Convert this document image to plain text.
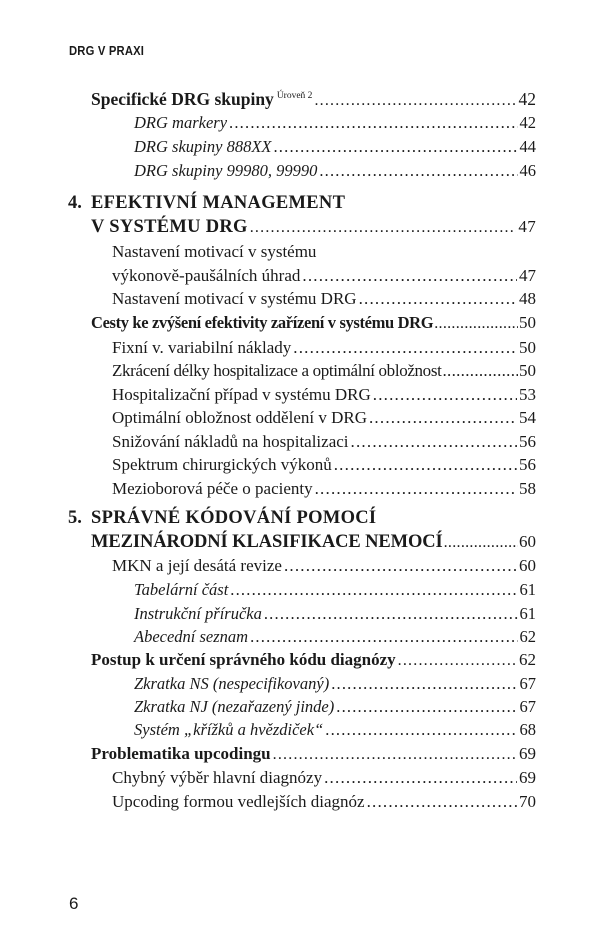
DRG V PRAXI
Specifické DRG skupiny $^{Úroveň 2}$ .....	42
DRG markery .....	42
DRG skupiny 888XX .....	44
DRG skupiny 99980, 99990 .....	46
4. EFEKTIVNÍ MANAGEMENT
V SYSTÉMU DRG .....	47
Nastavení motivací v systému
výkonově-paušálních úhrad .....	47
Nastavení motivací v systému DRG .....	48
Cesty ke zvýšení efektivity zařízení v systému DRG .....	50
Fixní v. variabilní náklady .....	50
Zkrácení délky hospitalizace a optimální obložnost .....	50
Hospitalizační případ v systému DRG .....	53
Optimální obložnost oddělení v DRG .....	54
Snižování nákladů na hospitalizaci .....	56
Spektrum chirurgických výkonů .....	56
Mezioborová péče o pacienty .....	58
5. SPRÁVNÉ KÓDOVÁNÍ POMOCÍ
MEZINÁRODNÍ KLASIFIKACE NEMOCÍ .....	60
MKN a její desátá revize .....	60
Tabelární část .....	61
Instrukční příručka .....	61
Abecední seznam .....	62
Postup k určení správného kódu diagnózy .....	62
Zkratka NS (nespecifikovaný) .....	67
Zkratka NJ (nezařazený jinde) .....	67
Systém „křížků a hvězdiček“ .....	68
Problematika upcodingu .....	69
Chybný výběr hlavní diagnózy .....	69
Upcoding formou vedlejších diagnóz .....	70
6
